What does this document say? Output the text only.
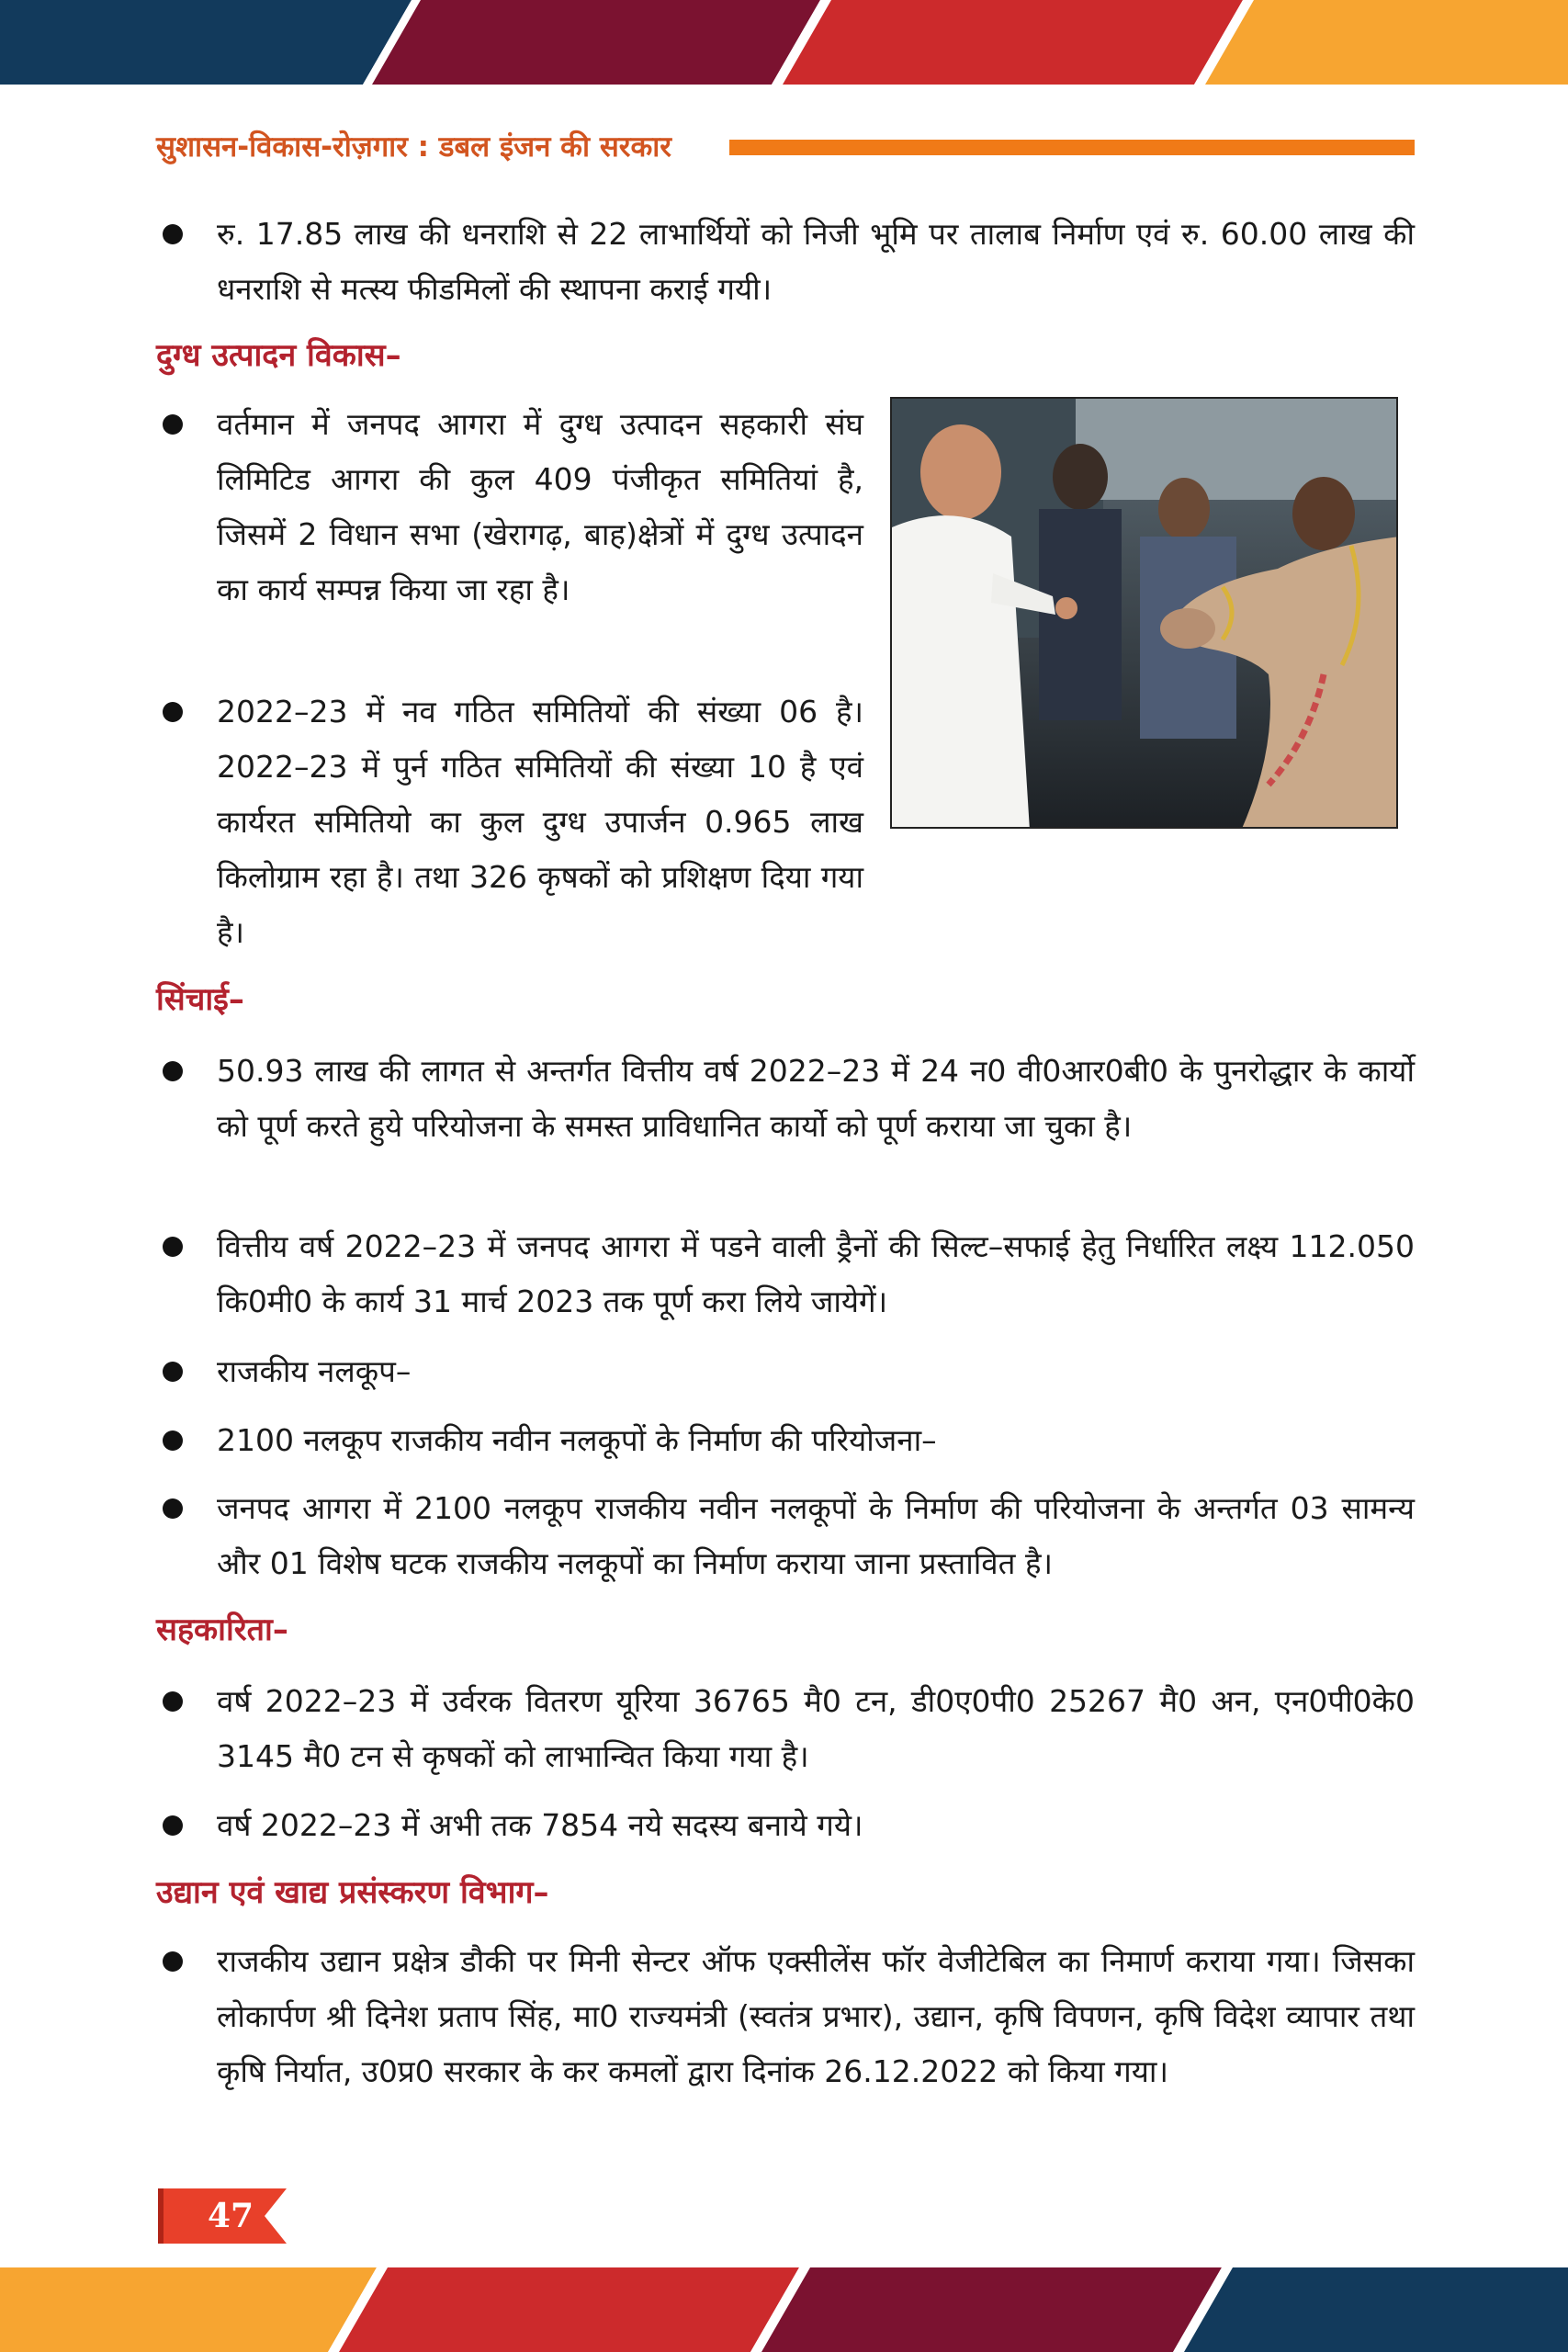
सुशासन-विकास-रोज़गार : डबल इंजन की सरकार
रु. 17.85 लाख की धनराशि से 22 लाभार्थियों को निजी भूमि पर तालाब निर्माण एवं रु. 60.00 लाख की धनराशि से मत्स्य फीडमिलों की स्थापना कराई गयी।
दुग्ध उत्पादन विकास–
वर्तमान में जनपद आगरा में दुग्ध उत्पादन सहकारी संघ लिमिटिड आगरा की कुल 409 पंजीकृत समितियां है, जिसमें 2 विधान सभा (खेरागढ़, बाह)क्षेत्रों में दुग्ध उत्पादन का कार्य सम्पन्न किया जा रहा है।
2022–23 में नव गठित समितियों की संख्या 06 है। 2022–23 में पुर्न गठित समितियों की संख्या 10 है एवं कार्यरत समितियो का कुल दुग्ध उपार्जन 0.965 लाख किलोग्राम रहा है। तथा 326 कृषकों को प्रशिक्षण दिया गया है।
सिंचाई–
50.93 लाख की लागत से अन्तर्गत वित्तीय वर्ष 2022–23 में 24 न0 वी0आर0बी0 के पुनरोद्धार के कार्यो को पूर्ण करते हुये परियोजना के समस्त प्राविधानित कार्यो को पूर्ण कराया जा चुका है।
वित्तीय वर्ष 2022–23 में जनपद आगरा में पडने वाली ड्रैनों की सिल्ट–सफाई हेतु निर्धारित लक्ष्य 112.050 कि0मी0 के कार्य 31 मार्च 2023 तक पूर्ण करा लिये जायेगें।
राजकीय नलकूप–
2100 नलकूप राजकीय नवीन नलकूपों के निर्माण की परियोजना–
जनपद आगरा में 2100 नलकूप राजकीय नवीन नलकूपों के निर्माण की परियोजना के अन्तर्गत 03 सामन्य और 01 विशेष घटक राजकीय नलकूपों का निर्माण कराया जाना प्रस्तावित है।
सहकारिता–
वर्ष 2022–23 में उर्वरक वितरण यूरिया 36765 मै0 टन, डी0ए0पी0 25267 मै0 अन, एन0पी0के0 3145 मै0 टन से कृषकों को लाभान्वित किया गया है।
वर्ष 2022–23 में अभी तक 7854 नये सदस्य बनाये गये।
उद्यान एवं खाद्य प्रसंस्करण विभाग–
राजकीय उद्यान प्रक्षेत्र डौकी पर मिनी सेन्टर ऑफ एक्सीलेंस फॉर वेजीटेबिल का निमार्ण कराया गया। जिसका लोकार्पण श्री दिनेश प्रताप सिंह, मा0 राज्यमंत्री (स्वतंत्र प्रभार), उद्यान, कृषि विपणन, कृषि विदेश व्यापार तथा कृषि निर्यात, उ0प्र0 सरकार के कर कमलों द्वारा दिनांक 26.12.2022 को किया गया।
47
